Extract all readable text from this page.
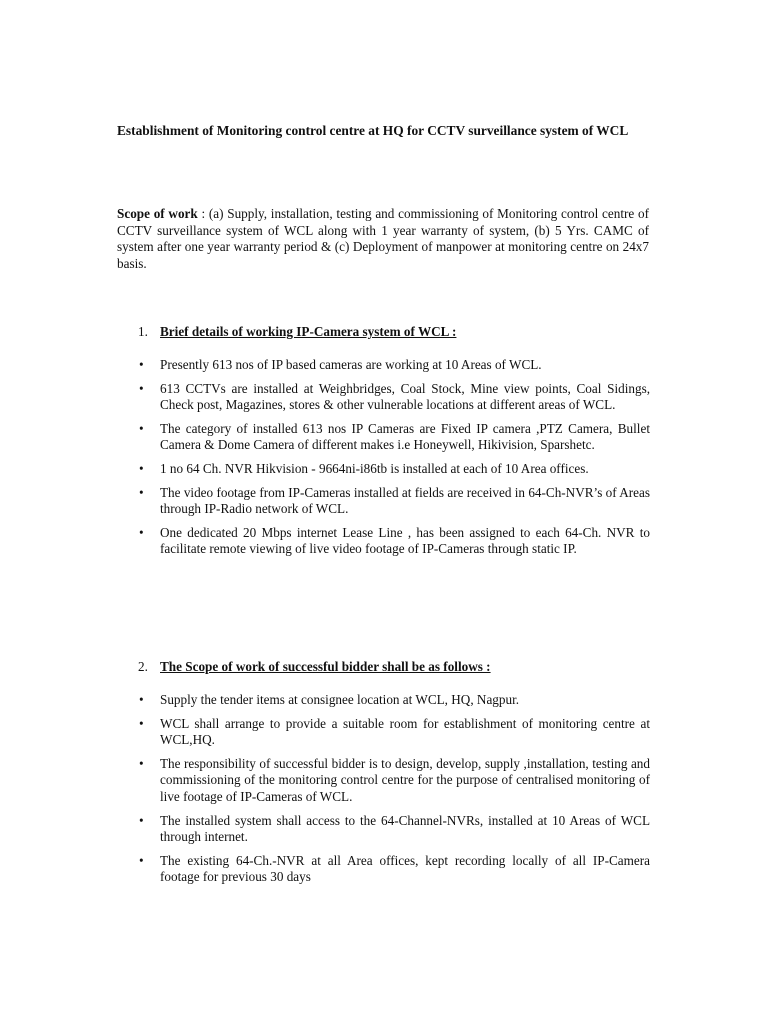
Establishment of Monitoring control centre at HQ for CCTV surveillance system of WCL

Scope of work : (a) Supply, installation, testing and commissioning of Monitoring control centre of CCTV surveillance system of WCL along with 1 year warranty of system, (b) 5 Yrs. CAMC of system after one year warranty period & (c) Deployment of manpower at monitoring centre on 24x7 basis.

1. Brief details of working IP-Camera system of WCL :

• Presently 613 nos of IP based cameras are working at 10 Areas of WCL.
• 613 CCTVs are installed at Weighbridges, Coal Stock, Mine view points, Coal Sidings, Check post, Magazines, stores & other vulnerable locations at different areas of WCL.
• The category of installed 613 nos IP Cameras are Fixed IP camera ,PTZ Camera, Bullet Camera & Dome Camera of different makes i.e Honeywell, Hikivision, Sparshetc.
• 1 no 64 Ch. NVR Hikvision - 9664ni-i86tb is installed at each of 10 Area offices.
• The video footage from IP-Cameras installed at fields are received in 64-Ch-NVR’s of Areas through IP-Radio network of WCL.
• One dedicated 20 Mbps internet Lease Line , has been assigned to each 64-Ch. NVR to facilitate remote viewing of live video footage of IP-Cameras through static IP.

2. The Scope of work of successful bidder shall be as follows :

• Supply the tender items at consignee location at WCL, HQ, Nagpur.
• WCL shall arrange to provide a suitable room for establishment of monitoring centre at WCL,HQ.
• The responsibility of successful bidder is to design, develop, supply ,installation, testing and commissioning of the monitoring control centre for the purpose of centralised monitoring of live footage of IP-Cameras of WCL.
• The installed system shall access to the 64-Channel-NVRs, installed at 10 Areas of WCL through internet.
• The existing 64-Ch.-NVR at all Area offices, kept recording locally of all IP-Camera footage for previous 30 days
